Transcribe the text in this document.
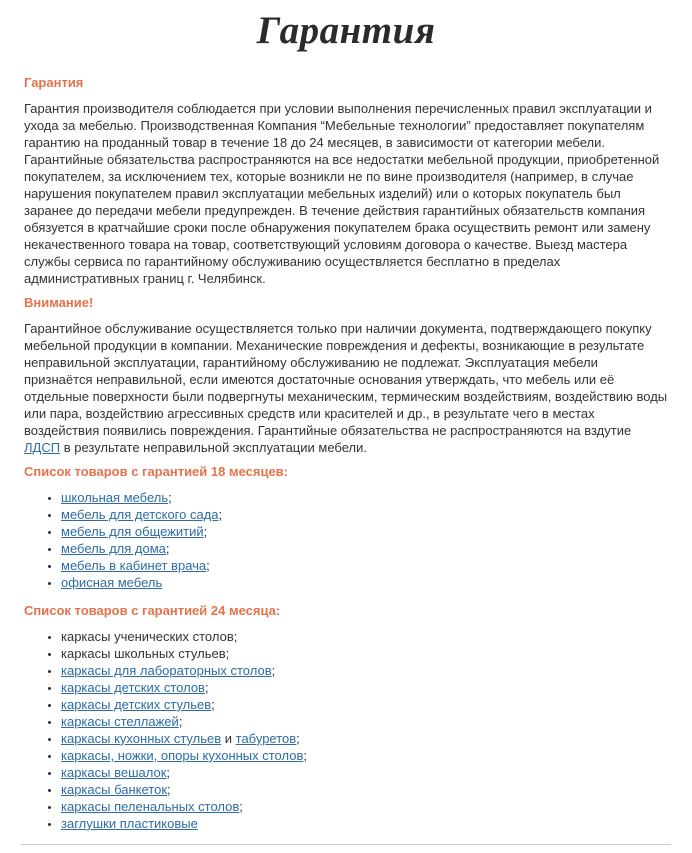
Гарантия
Гарантия

Гарантия производителя соблюдается при условии выполнения перечисленных правил эксплуатации и ухода за мебелью. Производственная Компания “Мебельные технологии” предоставляет покупателям гарантию на проданный товар в течение 18 до 24 месяцев, в зависимости от категории мебели. Гарантийные обязательства распространяются на все недостатки мебельной продукции, приобретенной покупателем, за исключением тех, которые возникли не по вине производителя (например, в случае нарушения покупателем правил эксплуатации мебельных изделий) или о которых покупатель был заранее до передачи мебели предупрежден. В течение действия гарантийных обязательств компания обязуется в кратчайшие сроки после обнаружения покупателем брака осуществить ремонт или замену некачественного товара на товар, соответствующий условиям договора о качестве. Выезд мастера службы сервиса по гарантийному обслуживанию осуществляется бесплатно в пределах административных границ г. Челябинск.

Внимание!

Гарантийное обслуживание осуществляется только при наличии документа, подтверждающего покупку мебельной продукции в компании. Механические повреждения и дефекты, возникающие в результате неправильной эксплуатации, гарантийному обслуживанию не подлежат. Эксплуатация мебели признаётся неправильной, если имеются достаточные основания утверждать, что мебель или её отдельные поверхности были подвергнуты механическим, термическим воздействиям, воздействию воды или пара, воздействию агрессивных средств или красителей и др., в результате чего в местах воздействия появились повреждения. Гарантийные обязательства не распространяются на вздутие ЛДСП в результате неправильной эксплуатации мебели.

Список товаров с гарантией 18 месяцев:
• школьная мебель;
• мебель для детского сада;
• мебель для общежитий;
• мебель для дома;
• мебель в кабинет врача;
• офисная мебель
Список товаров с гарантией 24 месяца:
• каркасы ученических столов;
• каркасы школьных стульев;
• каркасы для лабораторных столов;
• каркасы детских столов;
• каркасы детских стульев;
• каркасы стеллажей;
• каркасы кухонных стульев и табуретов;
• каркасы, ножки, опоры кухонных столов;
• каркасы вешалок;
• каркасы банкеток;
• каркасы пеленальных столов;
• заглушки пластиковые
